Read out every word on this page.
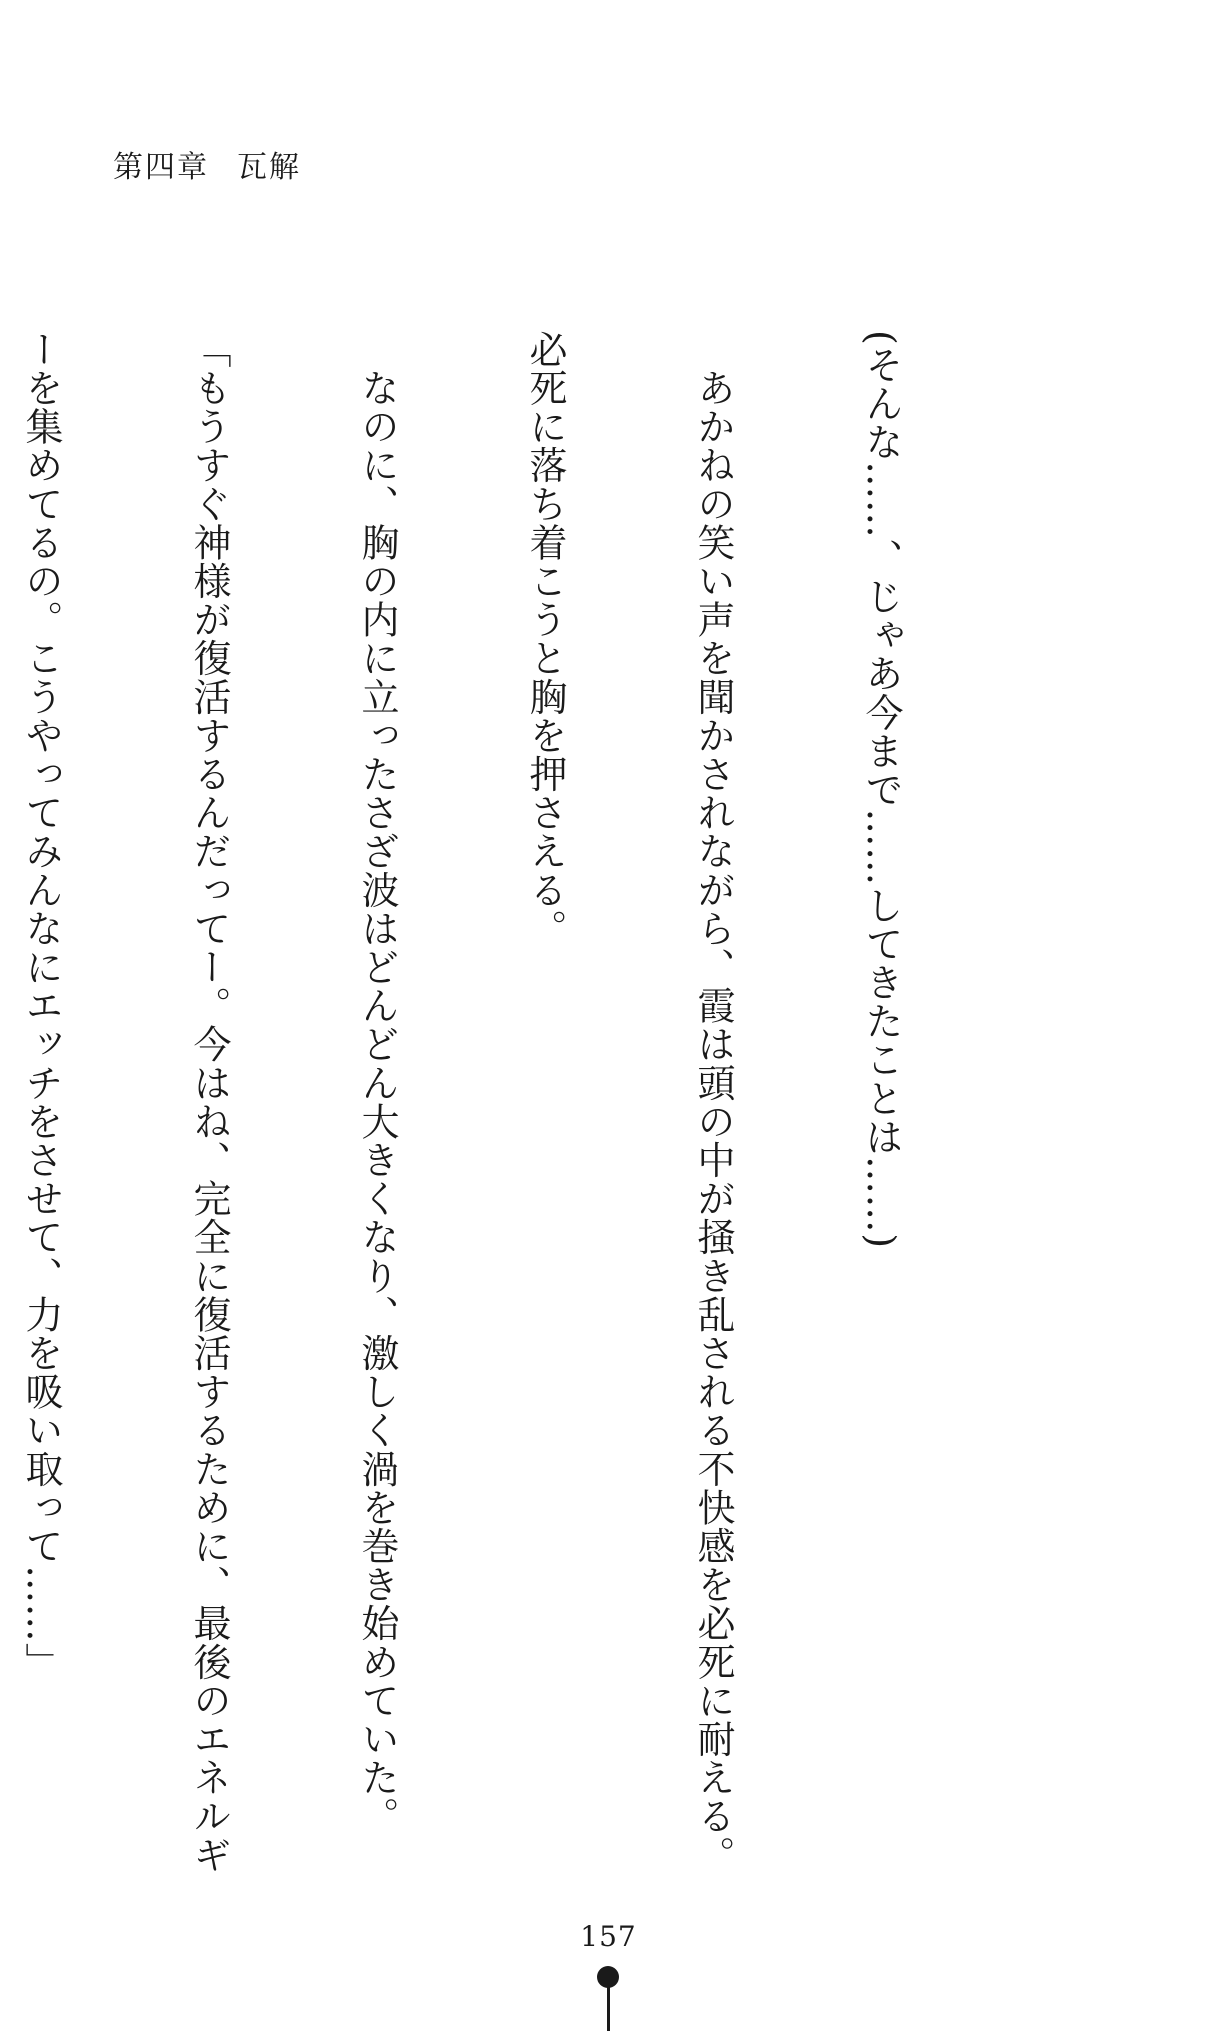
第四章 瓦解

(そんな……、じゃあ今まで……してきたことは……)

　あかねの笑い声を聞かされながら、霞は頭の中が掻き乱される不快感を必死に耐える。

必死に落ち着こうと胸を押さえる。

　なのに、胸の内に立ったさざ波はどんどん大きくなり、激しく渦を巻き始めていた。

「もうすぐ神様が復活するんだってー。今はね、完全に復活するために、最後のエネルギ

ーを集めてるの。こうやってみんなにエッチをさせて、力を吸い取って……」

157
